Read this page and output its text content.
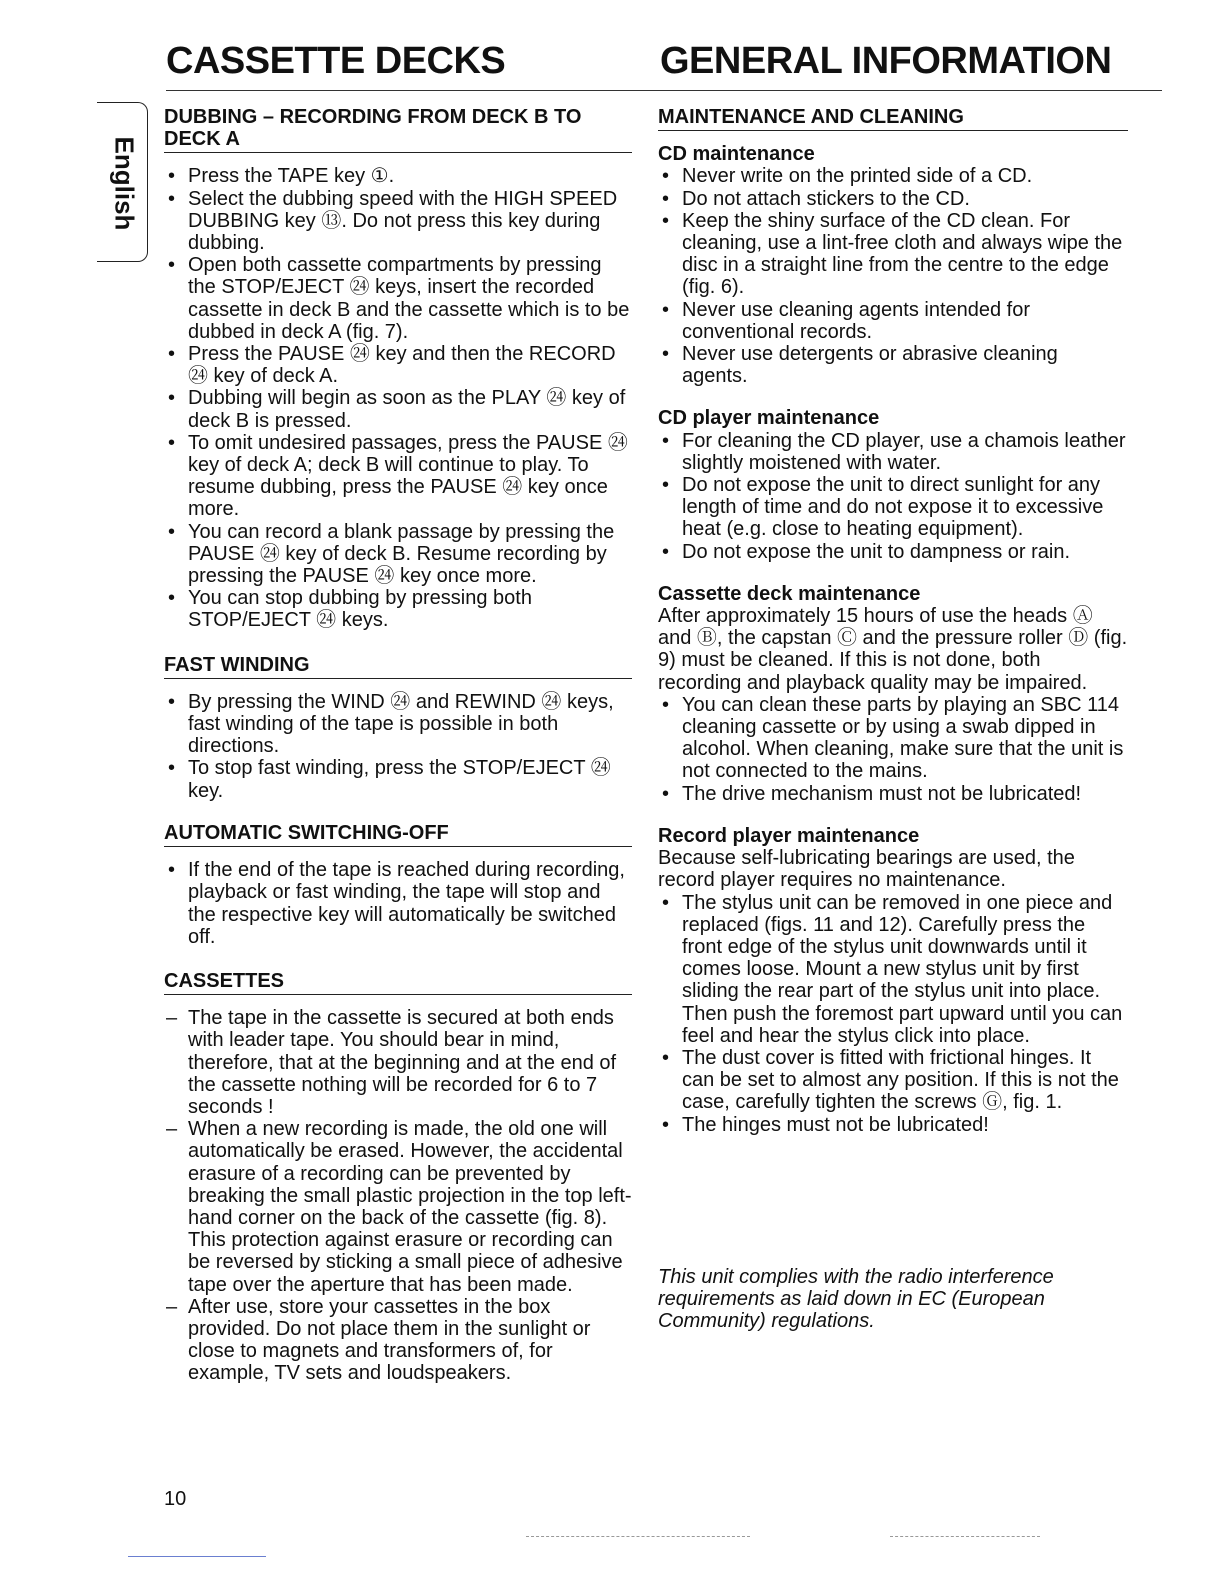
CASSETTE DECKS	GENERAL INFORMATION
English
DUBBING – RECORDING FROM DECK B TO DECK A
• Press the TAPE key ①.
• Select the dubbing speed with the HIGH SPEED DUBBING key ⑬. Do not press this key during dubbing.
• Open both cassette compartments by pressing the STOP/EJECT ㉔ keys, insert the recorded cassette in deck B and the cassette which is to be dubbed in deck A (fig. 7).
• Press the PAUSE ㉔ key and then the RECORD ㉔ key of deck A.
• Dubbing will begin as soon as the PLAY ㉔ key of deck B is pressed.
• To omit undesired passages, press the PAUSE ㉔ key of deck A; deck B will continue to play. To resume dubbing, press the PAUSE ㉔ key once more.
• You can record a blank passage by pressing the PAUSE ㉔ key of deck B. Resume recording by pressing the PAUSE ㉔ key once more.
• You can stop dubbing by pressing both STOP/EJECT ㉔ keys.
FAST WINDING
• By pressing the WIND ㉔ and REWIND ㉔ keys, fast winding of the tape is possible in both directions.
• To stop fast winding, press the STOP/EJECT ㉔ key.
AUTOMATIC SWITCHING-OFF
• If the end of the tape is reached during recording, playback or fast winding, the tape will stop and the respective key will automatically be switched off.
CASSETTES
– The tape in the cassette is secured at both ends with leader tape. You should bear in mind, therefore, that at the beginning and at the end of the cassette nothing will be recorded for 6 to 7 seconds !
– When a new recording is made, the old one will automatically be erased. However, the accidental erasure of a recording can be prevented by breaking the small plastic projection in the top left-hand corner on the back of the cassette (fig. 8). This protection against erasure or recording can be reversed by sticking a small piece of adhesive tape over the aperture that has been made.
– After use, store your cassettes in the box provided. Do not place them in the sunlight or close to magnets and transformers of, for example, TV sets and loudspeakers.
MAINTENANCE AND CLEANING

CD maintenance

• Never write on the printed side of a CD.
• Do not attach stickers to the CD.
• Keep the shiny surface of the CD clean. For cleaning, use a lint-free cloth and always wipe the disc in a straight line from the centre to the edge (fig. 6).
• Never use cleaning agents intended for conventional records.
• Never use detergents or abrasive cleaning agents.

CD player maintenance

• For cleaning the CD player, use a chamois leather slightly moistened with water.
• Do not expose the unit to direct sunlight for any length of time and do not expose it to excessive heat (e.g. close to heating equipment).
• Do not expose the unit to dampness or rain.

Cassette deck maintenance

After approximately 15 hours of use the heads Ⓐ and Ⓑ, the capstan Ⓒ and the pressure roller Ⓓ (fig. 9) must be cleaned. If this is not done, both recording and playback quality may be impaired.

• You can clean these parts by playing an SBC 114 cleaning cassette or by using a swab dipped in alcohol. When cleaning, make sure that the unit is not connected to the mains.
• The drive mechanism must not be lubricated!

Record player maintenance

Because self-lubricating bearings are used, the record player requires no maintenance.

• The stylus unit can be removed in one piece and replaced (figs. 11 and 12). Carefully press the front edge of the stylus unit downwards until it comes loose. Mount a new stylus unit by first sliding the rear part of the stylus unit into place. Then push the foremost part upward until you can feel and hear the stylus click into place.
• The dust cover is fitted with frictional hinges. It can be set to almost any position. If this is not the case, carefully tighten the screws Ⓖ, fig. 1.
• The hinges must not be lubricated!

This unit complies with the radio interference requirements as laid down in EC (European Community) regulations.

10
